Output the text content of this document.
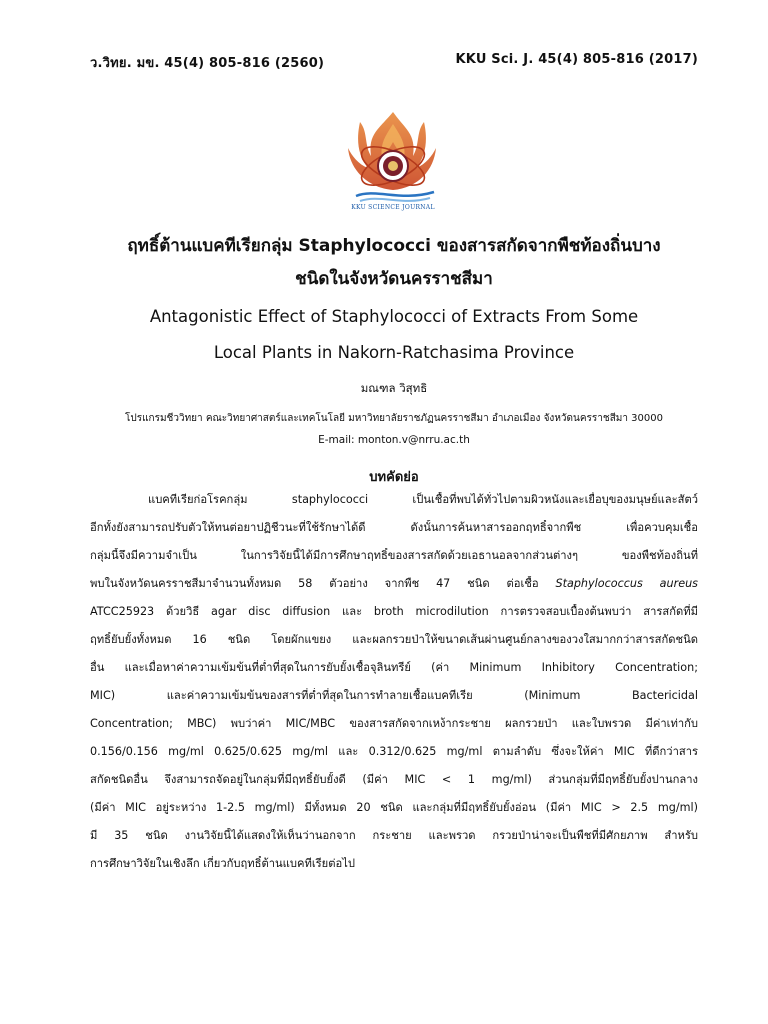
ว.วิทย. มข. 45(4) 805-816 (2560)	KKU Sci. J. 45(4) 805-816 (2017)
KKU SCIENCE JOURNAL
ฤทธิ์ต้านแบคทีเรียกลุ่ม Staphylococci ของสารสกัดจากพืชท้องถิ่นบาง
ชนิดในจังหวัดนครราชสีมา
Antagonistic Effect of Staphylococci of Extracts From Some
Local Plants in Nakorn-Ratchasima Province
มณฑล วิสุทธิ
โปรแกรมชีววิทยา คณะวิทยาศาสตร์และเทคโนโลยี มหาวิทยาลัยราชภัฏนครราชสีมา อำเภอเมือง จังหวัดนครราชสีมา 30000
E-mail: monton.v@nrru.ac.th
บทคัดย่อ
แบคทีเรียก่อโรคกลุ่ม staphylococci เป็นเชื้อที่พบได้ทั่วไปตามผิวหนังและเยื่อบุของมนุษย์และสัตว์
อีกทั้งยังสามารถปรับตัวให้ทนต่อยาปฏิชีวนะที่ใช้รักษาได้ดี ดังนั้นการค้นหาสารออกฤทธิ์จากพืช เพื่อควบคุมเชื้อ
กลุ่มนี้จึงมีความจำเป็น ในการวิจัยนี้ได้มีการศึกษาฤทธิ์ของสารสกัดด้วยเอธานอลจากส่วนต่างๆ ของพืชท้องถิ่นที่
พบในจังหวัดนครราชสีมาจำนวนทั้งหมด 58 ตัวอย่าง จากพืช 47 ชนิด ต่อเชื้อ Staphylococcus aureus
ATCC25923 ด้วยวิธี agar disc diffusion และ broth microdilution การตรวจสอบเบื้องต้นพบว่า สารสกัดที่มี
ฤทธิ์ยับยั้งทั้งหมด 16 ชนิด โดยผักแขยง และผลกรวยป่าให้ขนาดเส้นผ่านศูนย์กลางของวงใสมากกว่าสารสกัดชนิด
อื่น และเมื่อหาค่าความเข้มข้นที่ต่ำที่สุดในการยับยั้งเชื้อจุลินทรีย์ (ค่า Minimum Inhibitory Concentration;
MIC) และค่าความเข้มข้นของสารที่ต่ำที่สุดในการทำลายเชื้อแบคทีเรีย (Minimum Bactericidal
Concentration; MBC) พบว่าค่า MIC/MBC ของสารสกัดจากเหง้ากระชาย ผลกรวยป่า และใบพรวด มีค่าเท่ากับ
0.156/0.156 mg/ml 0.625/0.625 mg/ml และ 0.312/0.625 mg/ml ตามลำดับ ซึ่งจะให้ค่า MIC ที่ดีกว่าสาร
สกัดชนิดอื่น จึงสามารถจัดอยู่ในกลุ่มที่มีฤทธิ์ยับยั้งดี (มีค่า MIC < 1 mg/ml) ส่วนกลุ่มที่มีฤทธิ์ยับยั้งปานกลาง
(มีค่า MIC อยู่ระหว่าง 1-2.5 mg/ml) มีทั้งหมด 20 ชนิด และกลุ่มที่มีฤทธิ์ยับยั้งอ่อน (มีค่า MIC > 2.5 mg/ml)
มี 35 ชนิด งานวิจัยนี้ได้แสดงให้เห็นว่านอกจาก กระชาย และพรวด กรวยป่าน่าจะเป็นพืชที่มีศักยภาพ สำหรับ
การศึกษาวิจัยในเชิงลึก เกี่ยวกับฤทธิ์ต้านแบคทีเรียต่อไป
